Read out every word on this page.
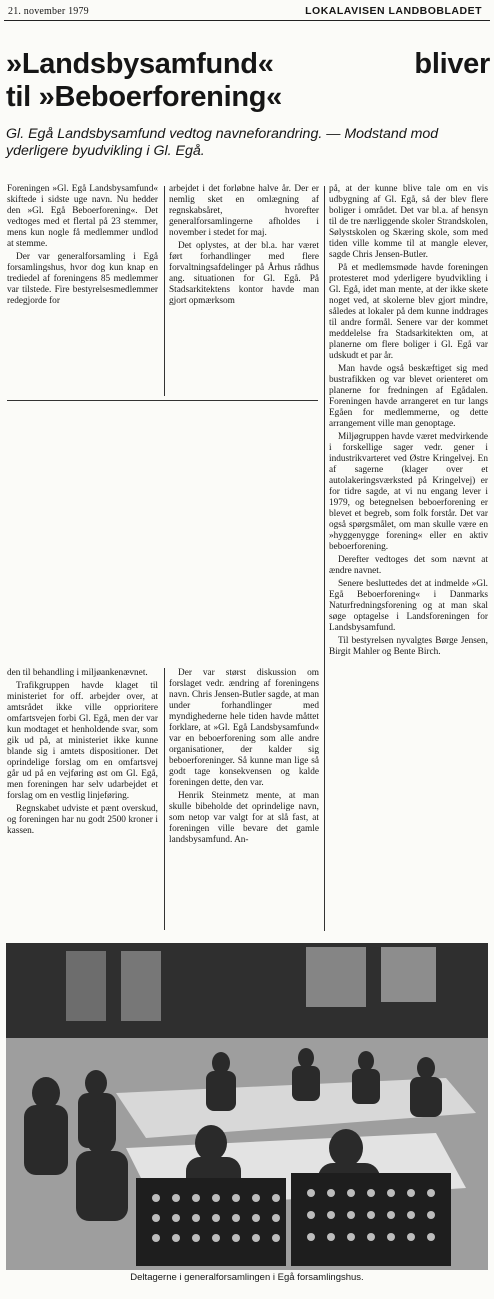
21. november 1979	LOKALAVISEN LANDBOBLADET
»Landsbysamfund« bliver
til »Beboerforening«

Gl. Egå Landsbysamfund vedtog navneforandring. — Modstand mod yderligere byudvikling i Gl. Egå.

Foreningen »Gl. Egå Landsbysamfund« skiftede i sidste uge navn. Nu hedder den »Gl. Egå Beboerforening«. Det vedtoges med et flertal på 23 stemmer, mens kun nogle få medlemmer undlod at stemme.

Der var generalforsamling i Egå forsamlingshus, hvor dog kun knap en trediedel af foreningens 85 medlemmer var tilstede. Fire bestyrelsesmedlemmer redegjorde for

arbejdet i det forløbne halve år. Der er nemlig sket en omlægning af regnskabsåret, hvorefter generalforsamlingerne afholdes i november i stedet for maj.

Det oplystes, at der bl.a. har været ført forhandlinger med flere forvaltningsafdelinger på Århus rådhus ang. situationen for Gl. Egå. På Stadsarkitektens kontor havde man gjort opmærksom

på, at der kunne blive tale om en vis udbygning af Gl. Egå, så der blev flere boliger i området. Det var bl.a. af hensyn til de tre nærliggende skoler Strandskolen, Sølystskolen og Skæring skole, som med tiden ville komme til at mangle elever, sagde Chris Jensen-Butler.

På et medlemsmøde havde foreningen protesteret mod yderligere byudvikling i Gl. Egå, idet man mente, at der ikke skete noget ved, at skolerne blev gjort mindre, således at lokaler på dem kunne inddrages til andre formål. Senere var der kommet meddelelse fra Stadsarkitekten om, at planerne om flere boliger i Gl. Egå var udskudt et par år.

Man havde også beskæftiget sig med bustrafikken og var blevet orienteret om planerne for fredningen af Egådalen. Foreningen havde arrangeret en tur langs Egåen for medlemmerne, og dette arrangement ville man genoptage.

Miljøgruppen havde været medvirkende i forskellige sager vedr. gener i industrikvarteret ved Østre Kringelvej. En af sagerne (klager over et autolakeringsværksted på Kringelvej) er for tidre sagde, at vi nu engang lever i 1979, og betegnelsen beboerforening er blevet et begreb, som folk forstår. Det var også spørgsmålet, om man skulle være en »hyggenygge forening« eller en aktiv beboerforening.

Derefter vedtoges det som nævnt at ændre navnet.

Senere besluttedes det at indmelde »Gl. Egå Beboerforening« i Danmarks Naturfredningsforening og at man skal søge optagelse i Landsforeningen for Landsbysamfund.

Til bestyrelsen nyvalgtes Børge Jensen, Birgit Mahler og Bente Birch.

den til behandling i miljøankenævnet.

Trafikgruppen havde klaget til ministeriet for off. arbejder over, at amtsrådet ikke ville opprioritere omfartsvejen forbi Gl. Egå, men der var kun modtaget et henholdende svar, som gik ud på, at ministeriet ikke kunne blande sig i amtets dispositioner. Det oprindelige forslag om en omfartsvej går ud på en vejføring øst om Gl. Egå, men foreningen har selv udarbejdet et forslag om en vestlig linjeføring.

Regnskabet udviste et pænt overskud, og foreningen har nu godt 2500 kroner i kassen.

Der var størst diskussion om forslaget vedr. ændring af foreningens navn. Chris Jensen-Butler sagde, at man under forhandlinger med myndighederne hele tiden havde måttet forklare, at »Gl. Egå Landsbysamfund« var en beboerforening som alle andre organisationer, der kalder sig beboerforeninger. Så kunne man lige så godt tage konsekvensen og kalde foreningen dette, den var.

Henrik Steinmetz mente, at man skulle bibeholde det oprindelige navn, som netop var valgt for at slå fast, at foreningen ville bevare det gamle landsbysamfund. An-

Deltagerne i generalforsamlingen i Egå forsamlingshus.
